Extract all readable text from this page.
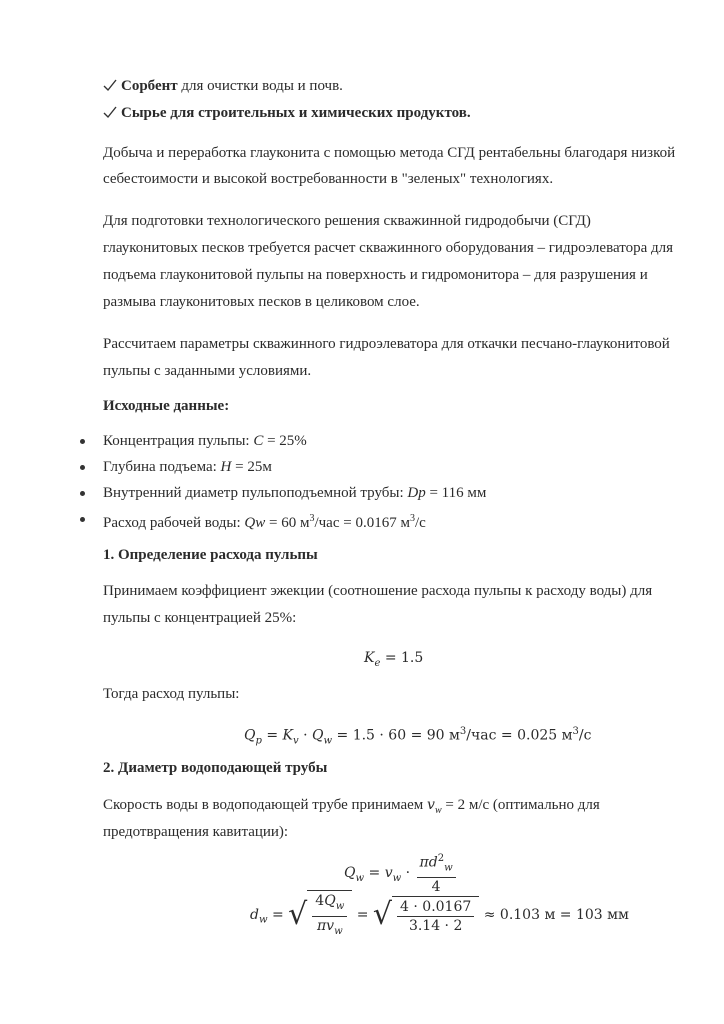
Сорбент для очистки воды и почв.
Сырье для строительных и химических продуктов.
Добыча и переработка глауконита с помощью метода СГД рентабельны благодаря низкой
себестоимости и высокой востребованности в "зеленых" технологиях.
Для подготовки технологического решения скважинной гидродобычи (СГД)
глауконитовых песков требуется расчет скважинного оборудования – гидроэлеватора для
подъема глауконитовой пульпы на поверхность и гидромонитора – для разрушения и
размыва глауконитовых песков в целиковом слое.
Рассчитаем параметры скважинного гидроэлеватора для откачки песчано-глауконитовой
пульпы с заданными условиями.
Исходные данные:
Концентрация пульпы: C = 25%
Глубина подъема: H = 25м
Внутренний диаметр пульпоподъемной трубы: Dp = 116 мм
Расход рабочей воды: Qw = 60 $м^3$/час = 0.0167 $м^3/с$
1. Определение расхода пульпы
Принимаем коэффициент эжекции (соотношение расхода пульпы к расходу воды) для
пульпы с концентрацией 25%:
$K_e = 1.5$
Тогда расход пульпы:
$Q_p = K_v \cdot Q_w = 1.5 \cdot 60 = 90$ $м^3$/час = 0.025 $м^3/с$
2. Диаметр водоподающей трубы
Скорость воды в водоподающей трубе принимаем $v_w = 2$ м/с (оптимально для
предотвращения кавитации):
$Q_w = v_w \cdot \frac{\pi d^2_w}{4}$
$d_w$ = √ $\frac{4Q_w}{\pi v_w}$ = √ $\frac{4 \cdot 0.0167}{3.14 \cdot 2} \approx 0.103$ м = 103 мм
